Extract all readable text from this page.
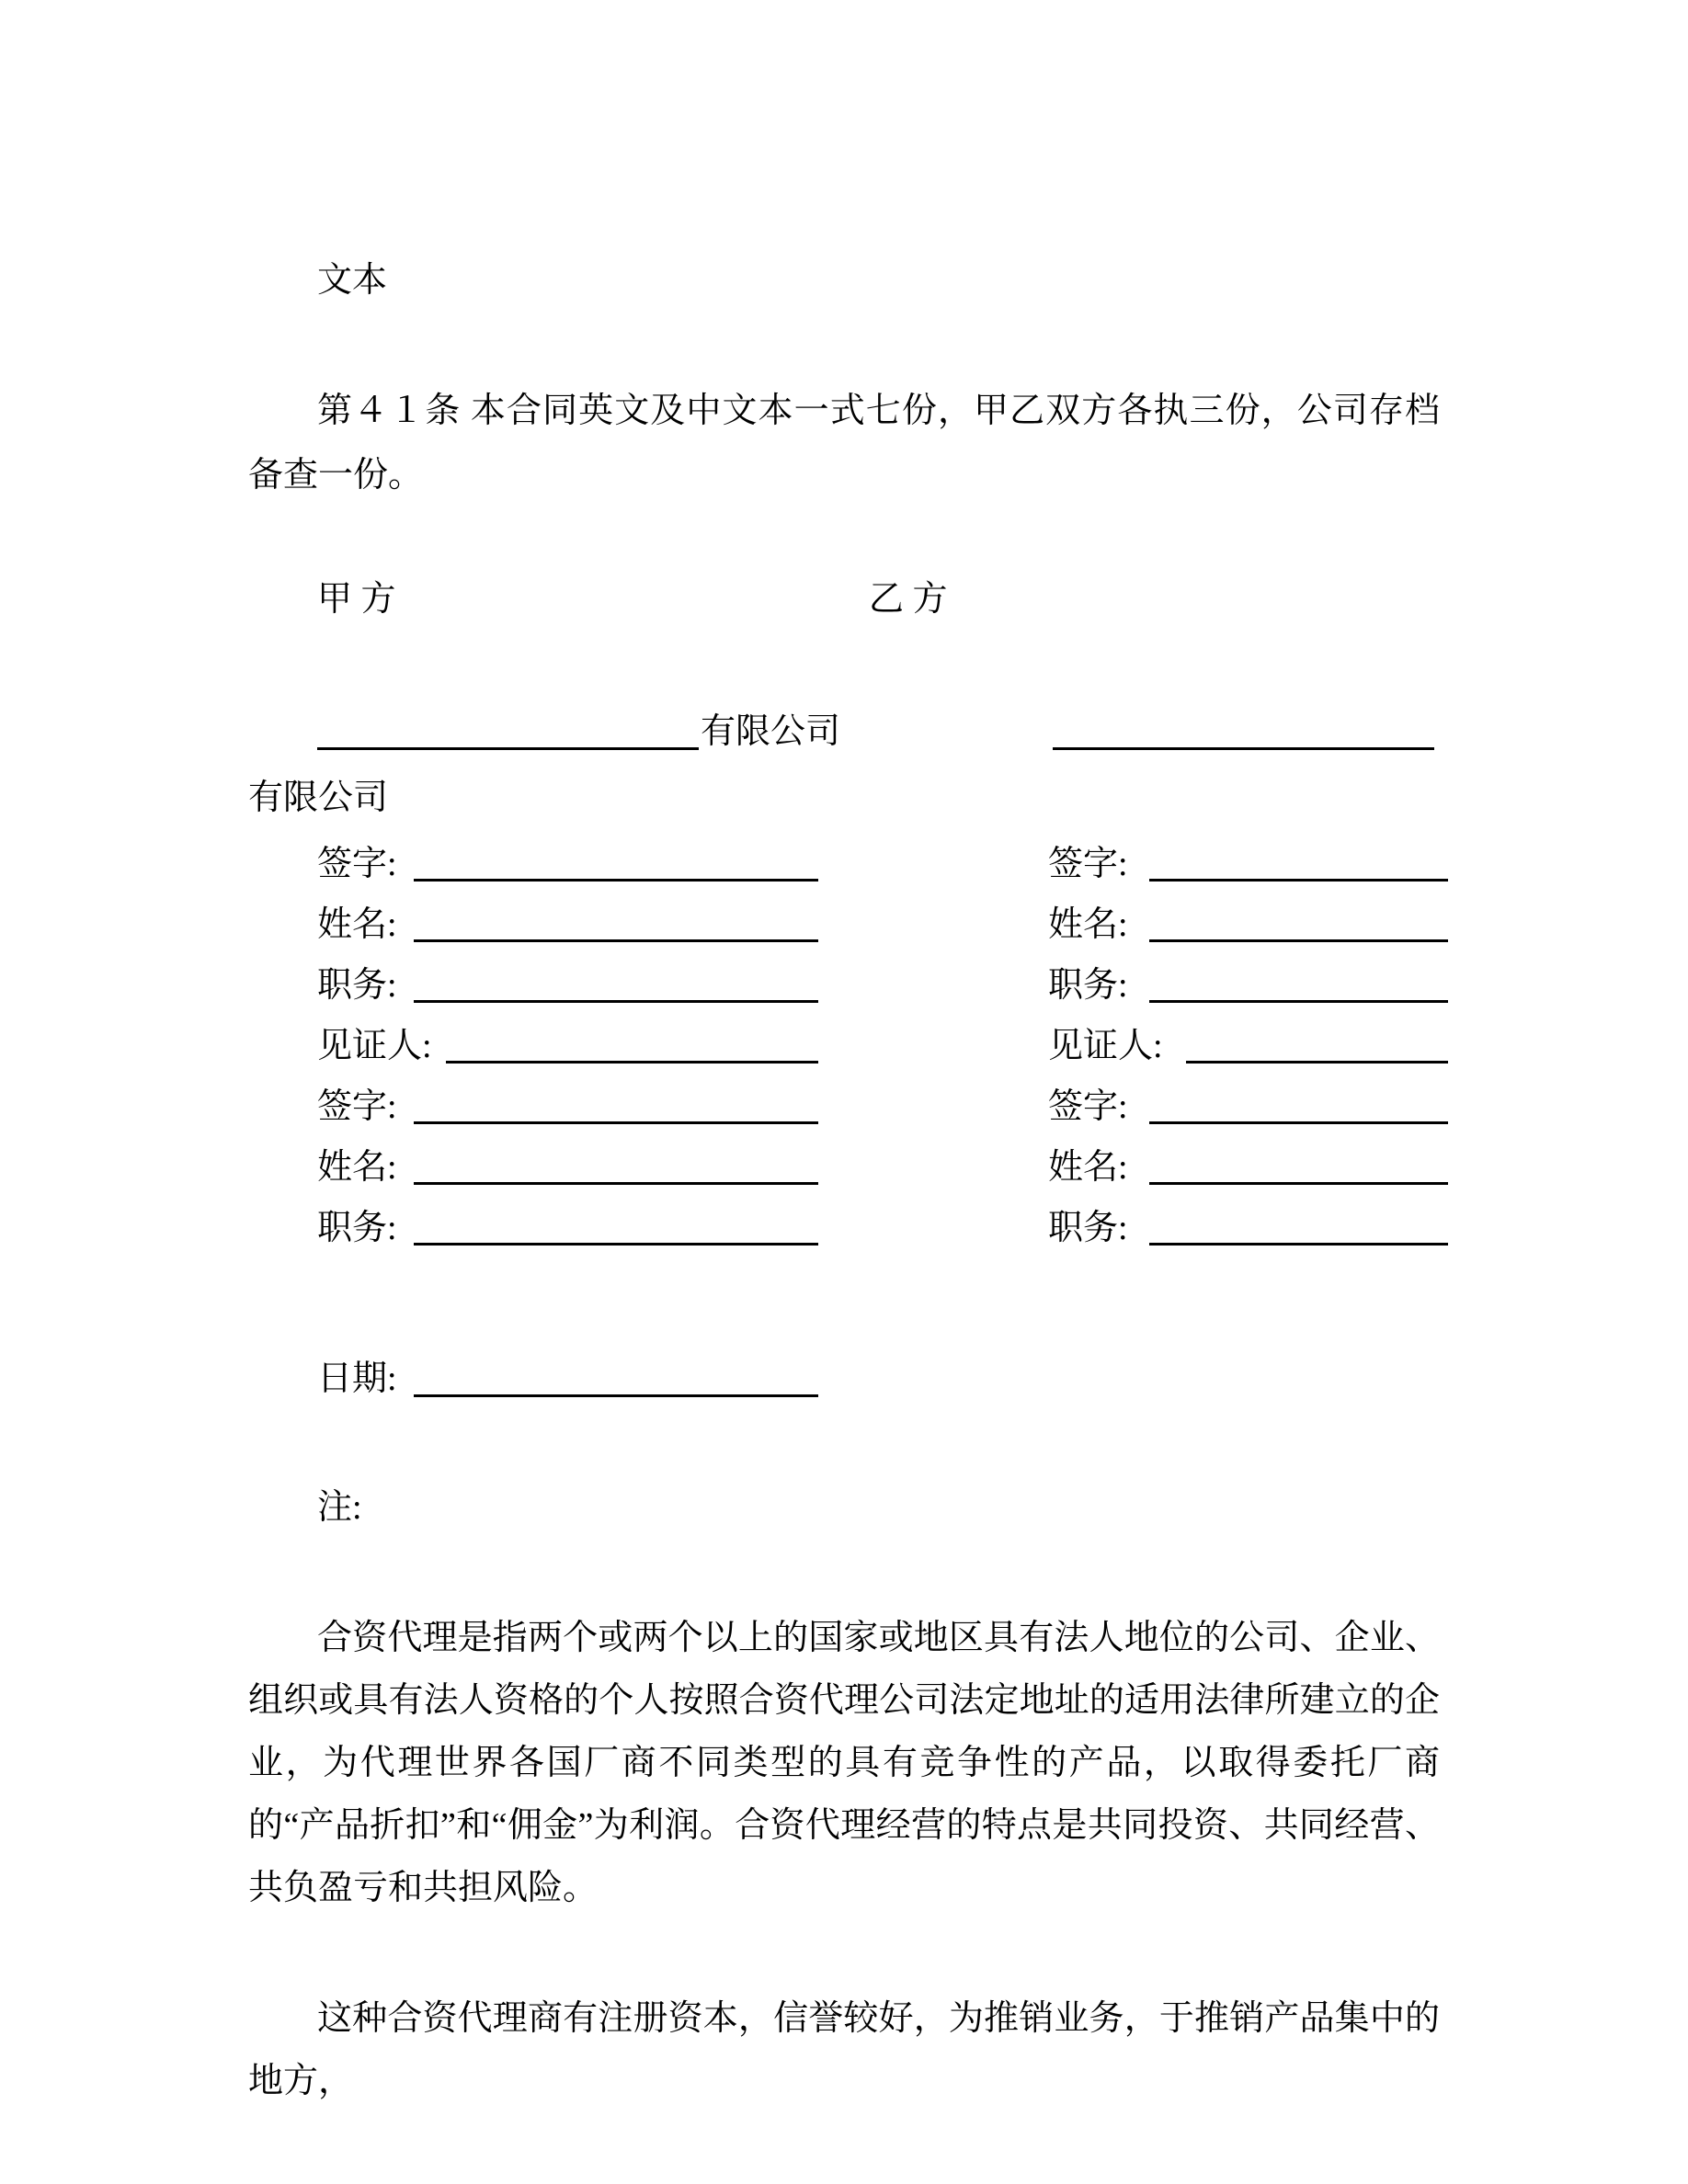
文本

第４１条 本合同英文及中文本一式七份，甲乙双方各执三份，公司存档备查一份。

甲 方	乙 方
有限公司

有限公司

签字:	签字:
姓名:	姓名:
职务:	职务:
见证人:	见证人:
签字:	签字:
姓名:	姓名:
职务:	职务:
日期:

注:

合资代理是指两个或两个以上的国家或地区具有法人地位的公司、企业、组织或具有法人资格的个人按照合资代理公司法定地址的适用法律所建立的企业，为代理世界各国厂商不同类型的具有竞争性的产品，以取得委托厂商的“产品折扣”和“佣金”为利润。合资代理经营的特点是共同投资、共同经营、共负盈亏和共担风险。

这种合资代理商有注册资本，信誉较好，为推销业务，于推销产品集中的地方，
